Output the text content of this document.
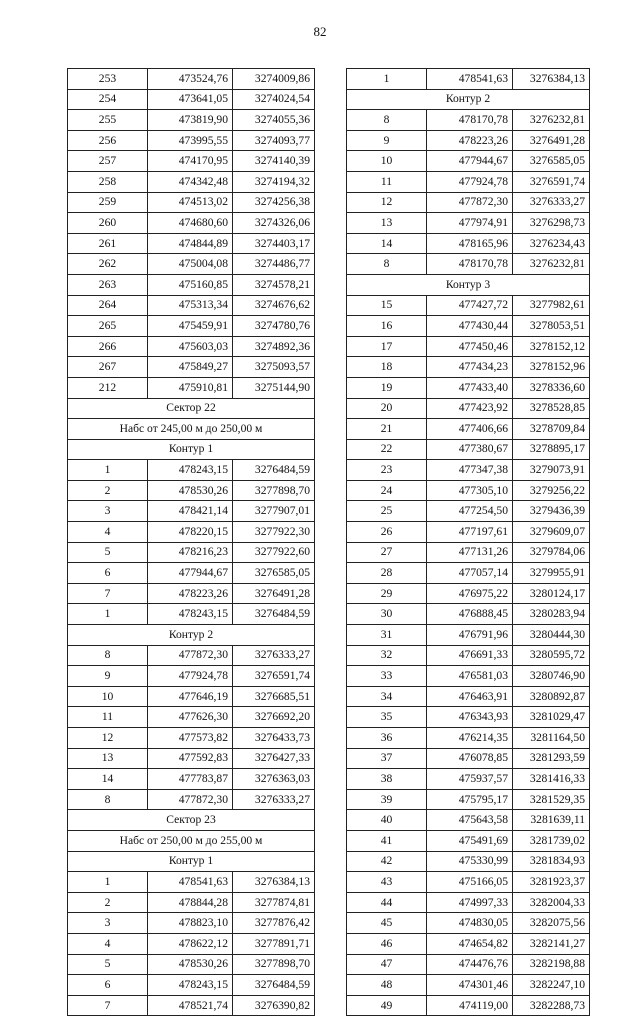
82
253	473524,76	3274009,86
254	473641,05	3274024,54
255	473819,90	3274055,36
256	473995,55	3274093,77
257	474170,95	3274140,39
258	474342,48	3274194,32
259	474513,02	3274256,38
260	474680,60	3274326,06
261	474844,89	3274403,17
262	475004,08	3274486,77
263	475160,85	3274578,21
264	475313,34	3274676,62
265	475459,91	3274780,76
266	475603,03	3274892,36
267	475849,27	3275093,57
212	475910,81	3275144,90
Сектор 22		
Набс от 245,00 м до 250,00 м		
Контур 1		
1	478243,15	3276484,59
2	478530,26	3277898,70
3	478421,14	3277907,01
4	478220,15	3277922,30
5	478216,23	3277922,60
6	477944,67	3276585,05
7	478223,26	3276491,28
1	478243,15	3276484,59
Контур 2		
8	477872,30	3276333,27
9	477924,78	3276591,74
10	477646,19	3276685,51
11	477626,30	3276692,20
12	477573,82	3276433,73
13	477592,83	3276427,33
14	477783,87	3276363,03
8	477872,30	3276333,27
Сектор 23		
Набс от 250,00 м до 255,00 м		
Контур 1		
1	478541,63	3276384,13
2	478844,28	3277874,81
3	478823,10	3277876,42
4	478622,12	3277891,71
5	478530,26	3277898,70
6	478243,15	3276484,59
7	478521,74	3276390,82
1	478541,63	3276384,13
Контур 2		
8	478170,78	3276232,81
9	478223,26	3276491,28
10	477944,67	3276585,05
11	477924,78	3276591,74
12	477872,30	3276333,27
13	477974,91	3276298,73
14	478165,96	3276234,43
8	478170,78	3276232,81
Контур 3		
15	477427,72	3277982,61
16	477430,44	3278053,51
17	477450,46	3278152,12
18	477434,23	3278152,96
19	477433,40	3278336,60
20	477423,92	3278528,85
21	477406,66	3278709,84
22	477380,67	3278895,17
23	477347,38	3279073,91
24	477305,10	3279256,22
25	477254,50	3279436,39
26	477197,61	3279609,07
27	477131,26	3279784,06
28	477057,14	3279955,91
29	476975,22	3280124,17
30	476888,45	3280283,94
31	476791,96	3280444,30
32	476691,33	3280595,72
33	476581,03	3280746,90
34	476463,91	3280892,87
35	476343,93	3281029,47
36	476214,35	3281164,50
37	476078,85	3281293,59
38	475937,57	3281416,33
39	475795,17	3281529,35
40	475643,58	3281639,11
41	475491,69	3281739,02
42	475330,99	3281834,93
43	475166,05	3281923,37
44	474997,33	3282004,33
45	474830,05	3282075,56
46	474654,82	3282141,27
47	474476,76	3282198,88
48	474301,46	3282247,10
49	474119,00	3282288,73
